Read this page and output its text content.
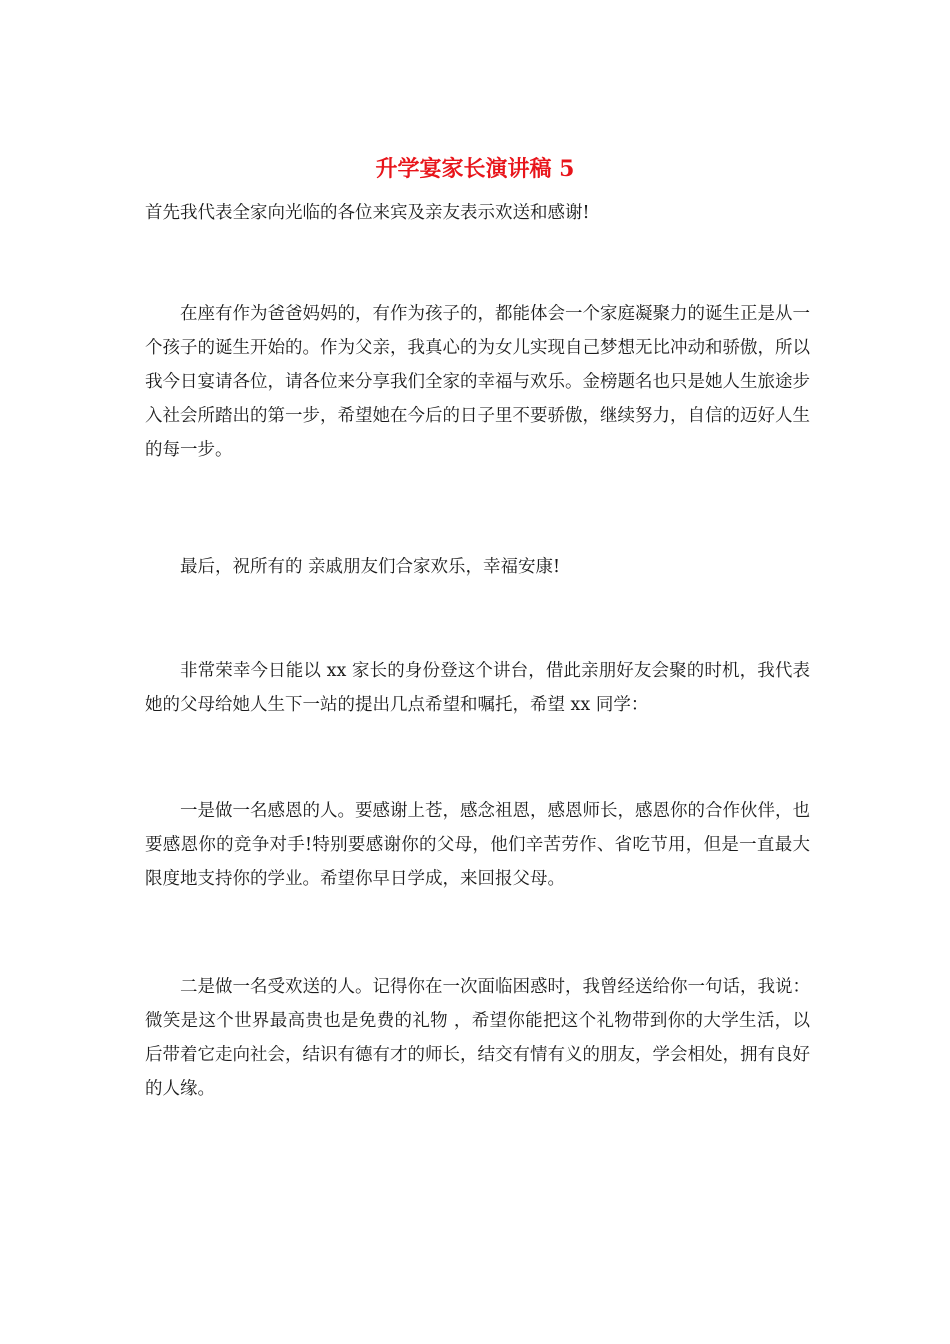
升学宴家长演讲稿 5

首先我代表全家向光临的各位来宾及亲友表示欢送和感谢!

在座有作为爸爸妈妈的，有作为孩子的，都能体会一个家庭凝聚力的诞生正是从一个孩子的诞生开始的。作为父亲，我真心的为女儿实现自己梦想无比冲动和骄傲，所以我今日宴请各位，请各位来分享我们全家的幸福与欢乐。金榜题名也只是她人生旅途步入社会所踏出的第一步，希望她在今后的日子里不要骄傲，继续努力，自信的迈好人生的每一步。

最后，祝所有的 亲戚朋友们合家欢乐，幸福安康!

非常荣幸今日能以 xx 家长的身份登这个讲台，借此亲朋好友会聚的时机，我代表她的父母给她人生下一站的提出几点希望和嘱托，希望 xx 同学：

一是做一名感恩的人。要感谢上苍，感念祖恩，感恩师长，感恩你的合作伙伴，也要感恩你的竞争对手!特别要感谢你的父母，他们辛苦劳作、省吃节用，但是一直最大限度地支持你的学业。希望你早日学成，来回报父母。

二是做一名受欢送的人。记得你在一次面临困惑时，我曾经送给你一句话，我说： 微笑是这个世界最高贵也是免费的礼物 ，希望你能把这个礼物带到你的大学生活，以后带着它走向社会，结识有德有才的师长，结交有情有义的朋友，学会相处，拥有良好的人缘。
